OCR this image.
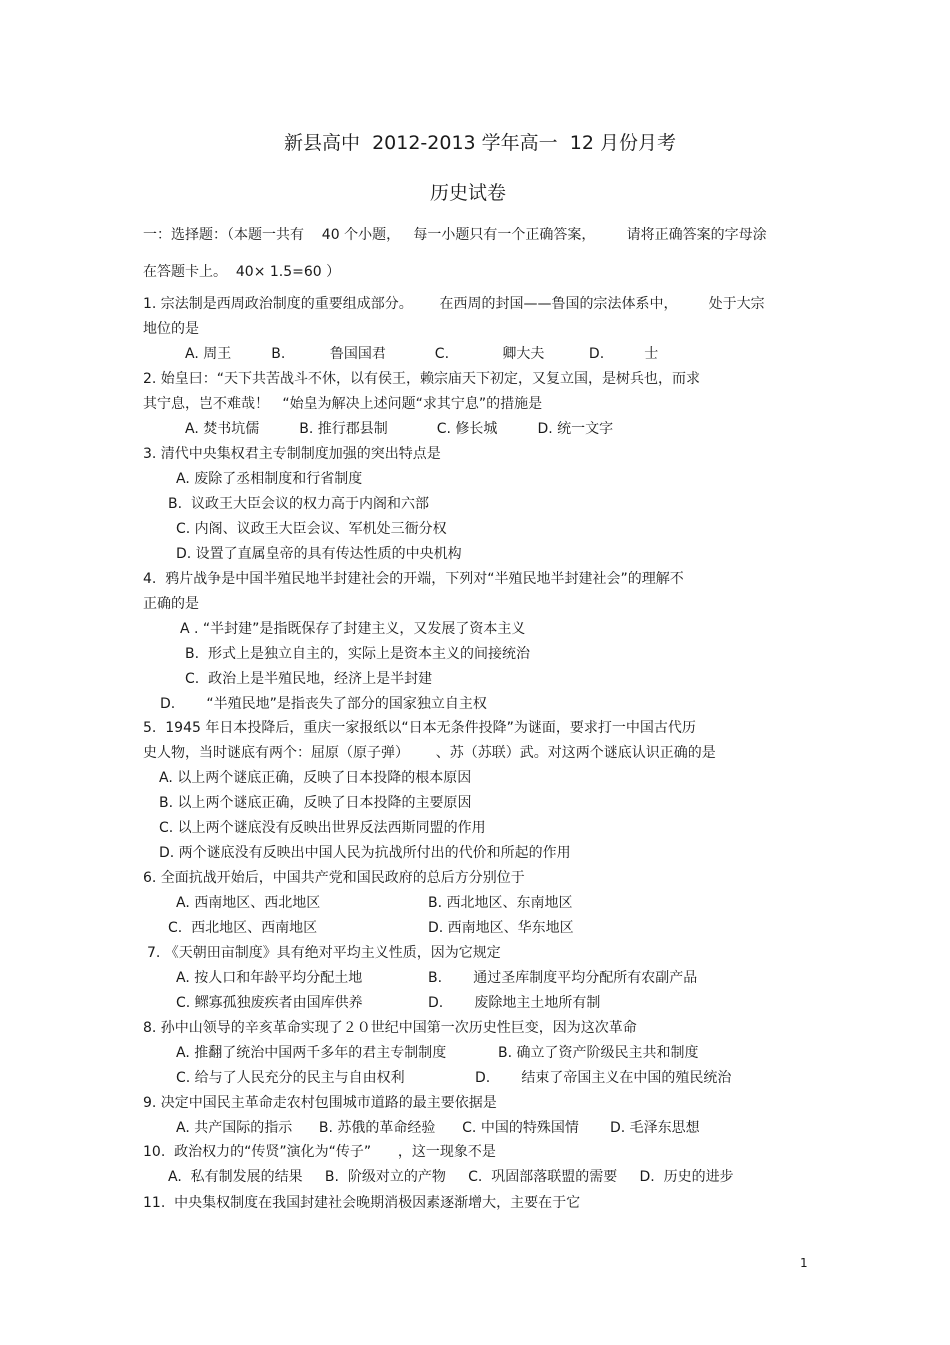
新县高中  2012-2013 学年高一  12 月份月考
历史试卷
一：选择题：（本题一共有    40 个小题，   每一小题只有一个正确答案，       请将正确答案的字母涂
在答题卡上。  40× 1.5=60 ）
1. 宗法制是西周政治制度的重要组成部分。      在西周的封国——鲁国的宗法体系中，       处于大宗
地位的是
A. 周王         B.          鲁国国君           C.            卿大夫          D.         士
2. 始皇曰：“天下共苦战斗不休，以有侯王，赖宗庙天下初定，又复立国，是树兵也，而求
其宁息，岂不难哉！   “始皇为解决上述问题“求其宁息”的措施是
A. 焚书坑儒         B. 推行郡县制           C. 修长城         D. 统一文字
3. 清代中央集权君主专制制度加强的突出特点是
A. 废除了丞相制度和行省制度
B.  议政王大臣会议的权力高于内阁和六部
C. 内阁、议政王大臣会议、军机处三衙分权
D. 设置了直属皇帝的具有传达性质的中央机构
4.  鸦片战争是中国半殖民地半封建社会的开端，下列对“半殖民地半封建社会”的理解不
正确的是
A . “半封建”是指既保存了封建主义，又发展了资本主义
B.  形式上是独立自主的，实际上是资本主义的间接统治
C.  政治上是半殖民地，经济上是半封建
D.       “半殖民地”是指丧失了部分的国家独立自主权
5.  1945 年日本投降后，重庆一家报纸以“日本无条件投降”为谜面，要求打一中国古代历
史人物，当时谜底有两个：屈原（原子弹）      、苏（苏联）武。对这两个谜底认识正确的是
A. 以上两个谜底正确，反映了日本投降的根本原因
B. 以上两个谜底正确，反映了日本投降的主要原因
C. 以上两个谜底没有反映出世界反法西斯同盟的作用
D. 两个谜底没有反映出中国人民为抗战所付出的代价和所起的作用
6. 全面抗战开始后，中国共产党和国民政府的总后方分别位于
A. 西南地区、西北地区	B. 西北地区、东南地区
C.  西北地区、西南地区	D. 西南地区、华东地区
7. 《天朝田亩制度》具有绝对平均主义性质，因为它规定
A. 按人口和年龄平均分配土地	B.       通过圣库制度平均分配所有农副产品
C. 鳏寡孤独废疾者由国库供养	D.       废除地主土地所有制
8. 孙中山领导的辛亥革命实现了２０世纪中国第一次历史性巨变，因为这次革命
A. 推翻了统治中国两千多年的君主专制制度	B. 确立了资产阶级民主共和制度
C. 给与了人民充分的民主与自由权利	D.       结束了帝国主义在中国的殖民统治
9. 决定中国民主革命走农村包围城市道路的最主要依据是
A. 共产国际的指示      B. 苏俄的革命经验      C. 中国的特殊国情       D. 毛泽东思想
10.  政治权力的“传贤”演化为“传子”      ，这一现象不是
A.  私有制发展的结果     B.  阶级对立的产物     C.  巩固部落联盟的需要     D.  历史的进步
11.  中央集权制度在我国封建社会晚期消极因素逐渐增大，主要在于它
1
